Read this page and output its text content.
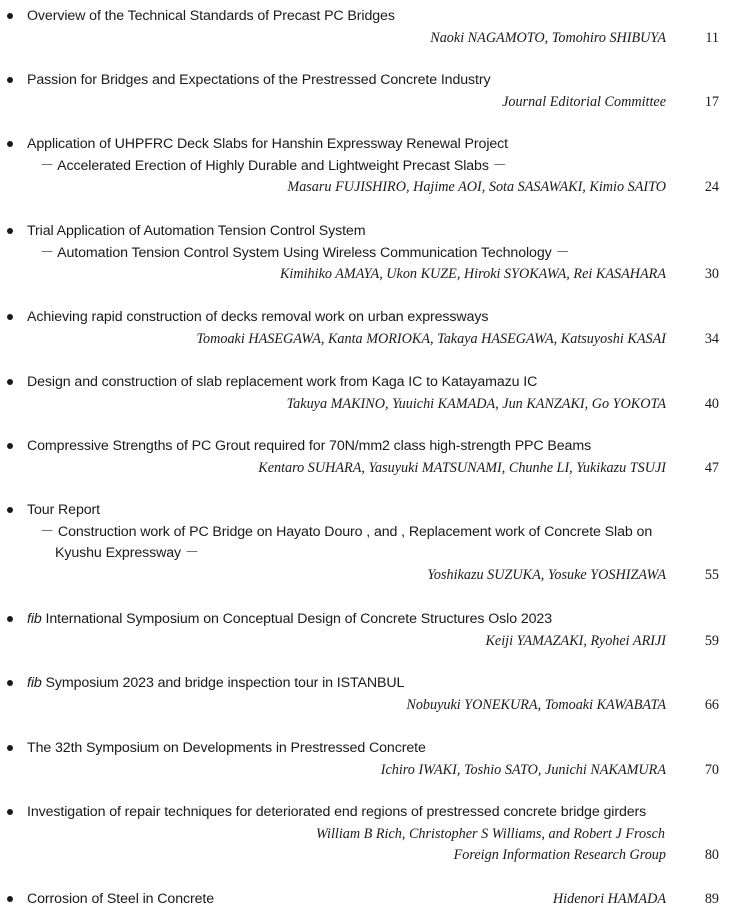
Overview of the Technical Standards of Precast PC Bridges
Naoki NAGAMOTO, Tomohiro SHIBUYA	11
Passion for Bridges and Expectations of the Prestressed Concrete Industry
Journal Editorial Committee	17
Application of UHPFRC Deck Slabs for Hanshin Expressway Renewal Project
－ Accelerated Erection of Highly Durable and Lightweight Precast Slabs －
Masaru FUJISHIRO, Hajime AOI, Sota SASAWAKI, Kimio SAITO	24
Trial Application of Automation Tension Control System
－ Automation Tension Control System Using Wireless Communication Technology －
Kimihiko AMAYA, Ukon KUZE, Hiroki SYOKAWA, Rei KASAHARA	30
Achieving rapid construction of decks removal work on urban expressways
Tomoaki HASEGAWA, Kanta MORIOKA, Takaya HASEGAWA, Katsuyoshi KASAI	34
Design and construction of slab replacement work from Kaga IC to Katayamazu IC
Takuya MAKINO, Yuuichi KAMADA, Jun KANZAKI, Go YOKOTA	40
Compressive Strengths of PC Grout required for 70N/mm2 class high-strength PPC Beams
Kentaro SUHARA, Yasuyuki MATSUNAMI, Chunhe LI, Yukikazu TSUJI	47
Tour Report
－ Construction work of PC Bridge on Hayato Douro , and , Replacement work of Concrete Slab on
Kyushu Expressway －
Yoshikazu SUZUKA, Yosuke YOSHIZAWA	55
fib International Symposium on Conceptual Design of Concrete Structures Oslo 2023
Keiji YAMAZAKI, Ryohei ARIJI	59
fib Symposium 2023 and bridge inspection tour in ISTANBUL
Nobuyuki YONEKURA, Tomoaki KAWABATA	66
The 32th Symposium on Developments in Prestressed Concrete
Ichiro IWAKI, Toshio SATO, Junichi NAKAMURA	70
Investigation of repair techniques for deteriorated end regions of prestressed concrete bridge girders
William B Rich, Christopher S Williams, and Robert J Frosch
Foreign Information Research Group	80
Corrosion of Steel in Concrete	Hidenori HAMADA	89
